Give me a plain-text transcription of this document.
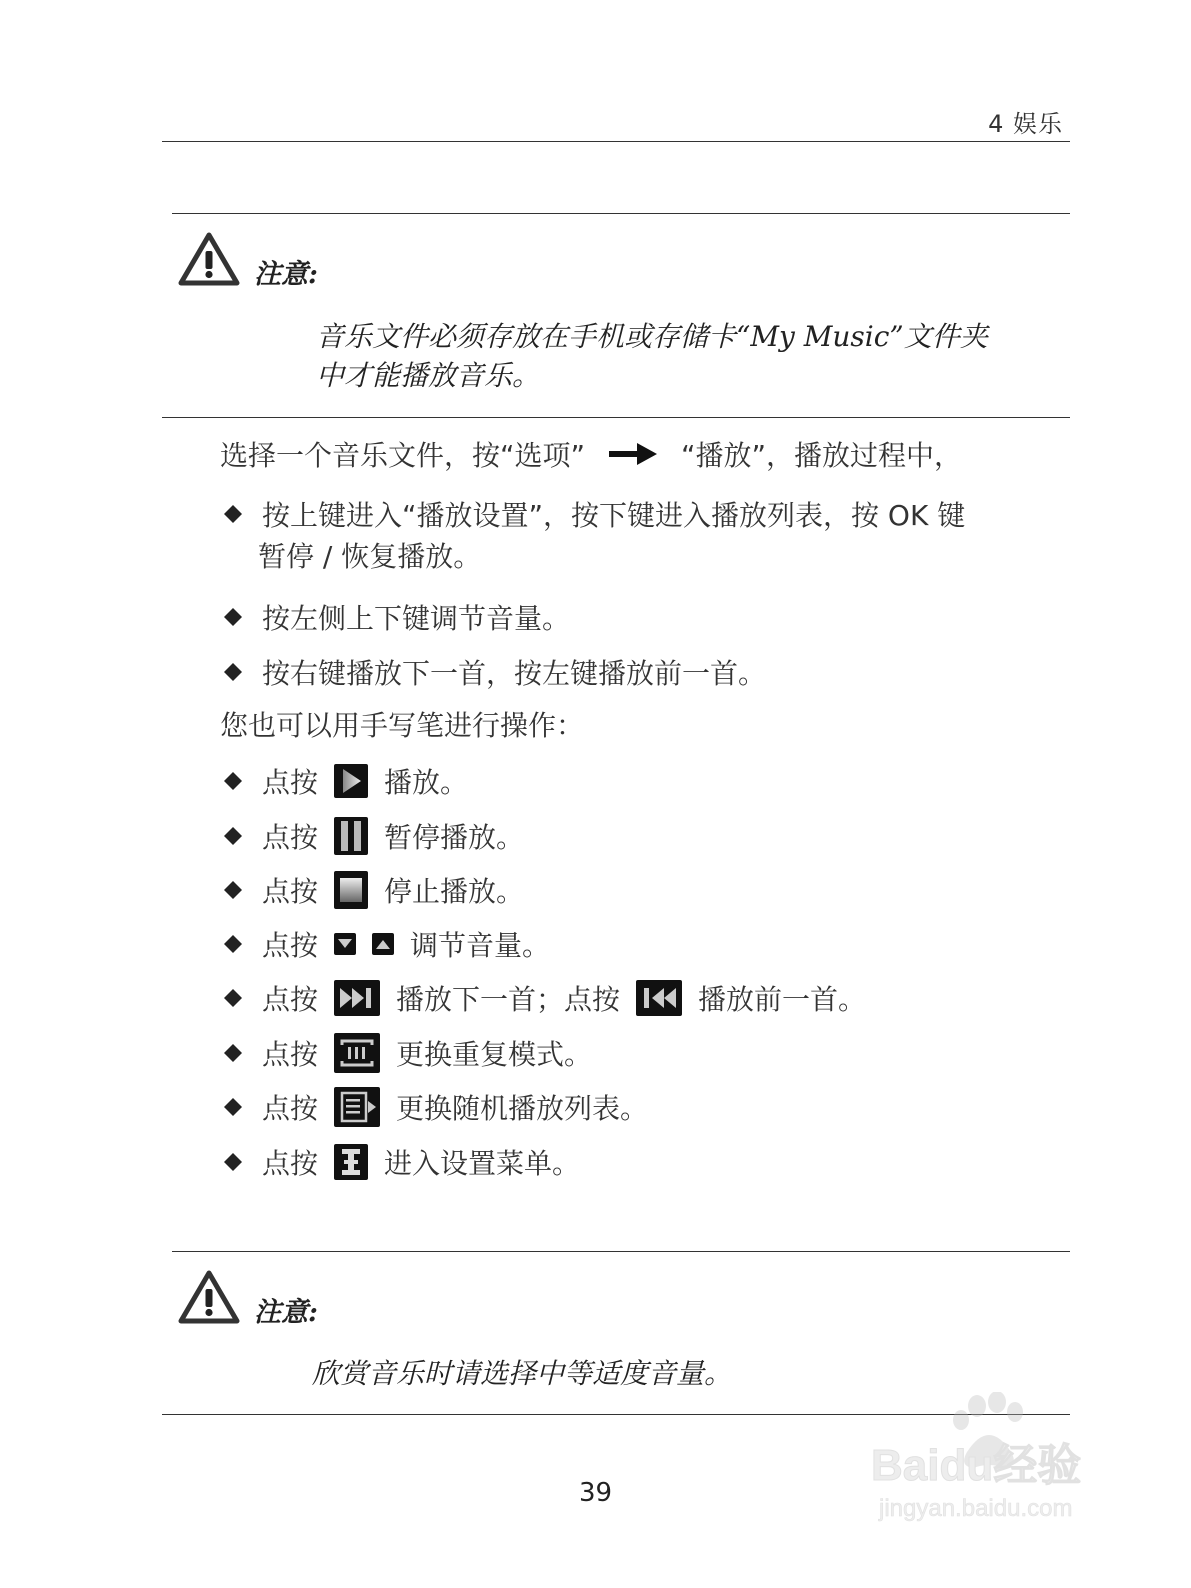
4 娱乐
注意:
音乐文件必须存放在手机或存储卡“My Music”文件夹
中才能播放音乐。
选择一个音乐文件，按“选项”	“播放”，播放过程中，
按上键进入“播放设置”，按下键进入播放列表，按 OK 键
暂停 / 恢复播放。
按左侧上下键调节音量。
按右键播放下一首，按左键播放前一首。
您也可以用手写笔进行操作：
点按 播放。
点按 暂停播放。
点按 停止播放。
点按	调节音量。
点按	播放下一首；点按	播放前一首。
点按	更换重复模式。
点按	更换随机播放列表。
点按 进入设置菜单。
注意:
欣赏音乐时请选择中等适度音量。
Baidu经验
jingyan.baidu.com
39
